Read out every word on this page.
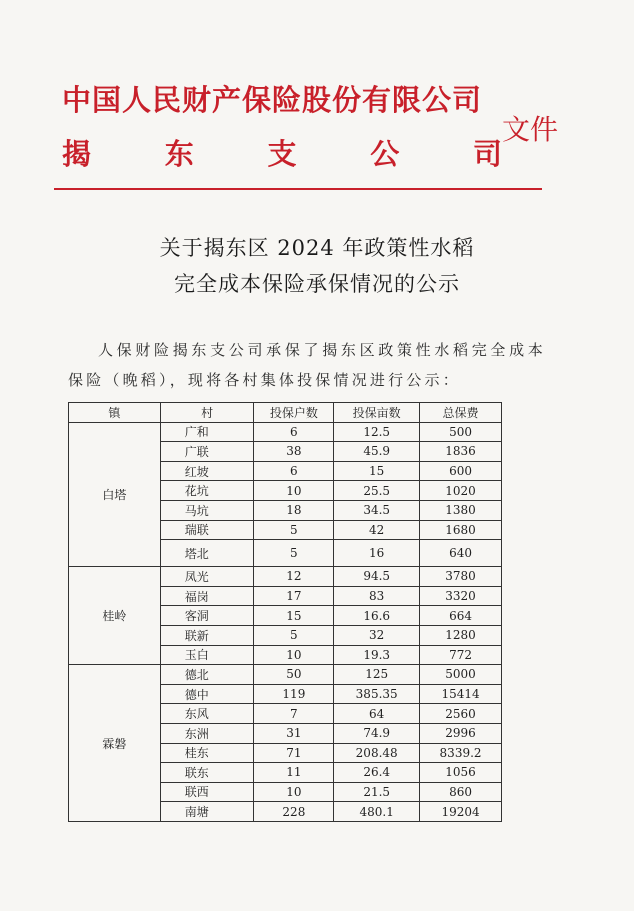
中国人民财产保险股份有限公司
揭	东	支	公	司
文件
关于揭东区 2024 年政策性水稻
完全成本保险承保情况的公示
人保财险揭东支公司承保了揭东区政策性水稻完全成本保险（晚稻），现将各村集体投保情况进行公示：
镇	村	投保户数	投保亩数	总保费
白塔	广和	6	12.5	500
	广联	38	45.9	1836
	红坡	6	15	600
	花坑	10	25.5	1020
	马坑	18	34.5	1380
	瑞联	5	42	1680
	塔北	5	16	640
桂岭	凤光	12	94.5	3780
	福岗	17	83	3320
	客洞	15	16.6	664
	联新	5	32	1280
	玉白	10	19.3	772
霖磐	德北	50	125	5000
	德中	119	385.35	15414
	东风	7	64	2560
	东洲	31	74.9	2996
	桂东	71	208.48	8339.2
	联东	11	26.4	1056
	联西	10	21.5	860
	南塘	228	480.1	19204
